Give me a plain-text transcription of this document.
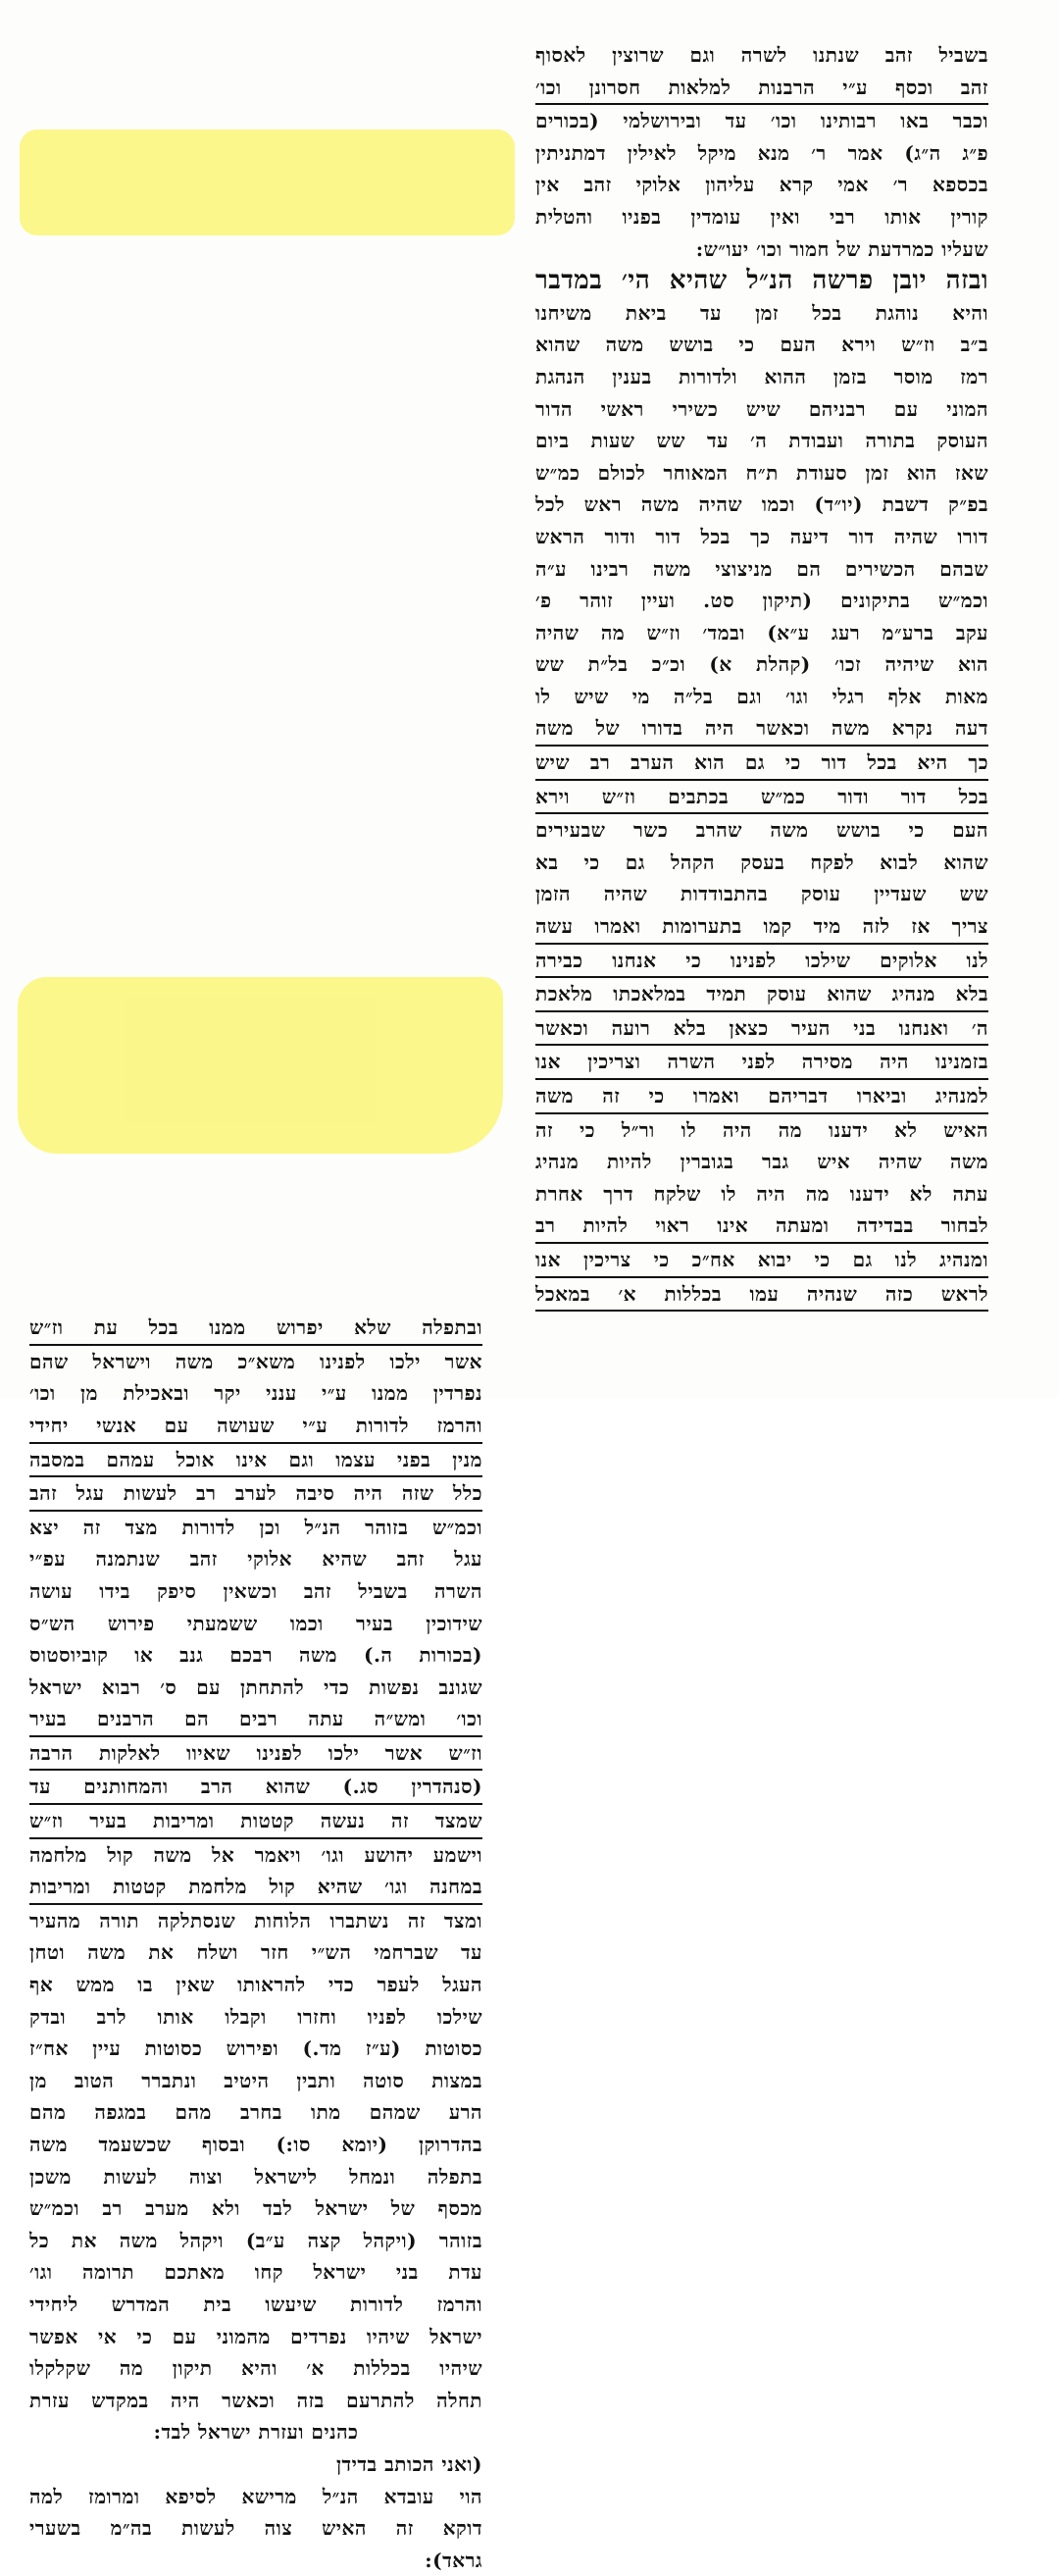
בשביל זהב שנתנו לשרה וגם שרוצין לאסוף
זהב וכסף ע״י הרבנות למלאות חסרונן וכו׳
וכבר באו רבותינו וכו׳ עד ובירושלמי (בכורים
פ״ג ה״ג) אמר ר׳ מנא מיקל לאילין דמתניתין
בכספא ר׳ אמי קרא עליהון אלוקי זהב אין
קורין אותו רבי ואין עומדין בפניו והטלית
שעליו כמרדעת של חמור וכו׳ יעו״ש:
ובזה יובן פרשה הנ״ל שהיא הי׳ במדבר
והיא נוהגת בכל זמן עד ביאת משיחנו
ב״ב וז״ש וירא העם כי בושש משה שהוא
רמז מוסר בזמן ההוא ולדורות בענין הנהגת
המוני עם רבניהם שיש כשירי ראשי הדור
העוסק בתורה ועבודת ה׳ עד שש שעות ביום
שאז הוא זמן סעודת ת״ח המאוחר לכולם כמ״ש
בפ״ק דשבת (יו״ד) וכמו שהיה משה ראש לכל
דורו שהיה דור דיעה כך בכל דור ודור הראש
שבהם הכשירים הם מניצוצי משה רבינו ע״ה
וכמ״ש בתיקונים (תיקון סט. ועיין זוהר פ׳
עקב ברע״מ רעג ע״א) ובמד׳ וז״ש מה שהיה
הוא שיהיה זכו׳ (קהלת א) וכ״כ בל״ת שש
מאות אלף רגלי וגו׳ וגם בל״ה מי שיש לו
דעה נקרא משה וכאשר היה בדורו של משה
כך היא בכל דור כי גם הוא הערב רב שיש
בכל דור ודור כמ״ש בכתבים וז״ש וירא
העם כי בושש משה שהרב כשר שבעירים
שהוא לבוא לפקח בעסק הקהל גם כי בא
שש שעדיין עוסק בהתבודדות שהיה הזמן
צריך אז לזה מיד קמו בתערומות ואמרו עשה
לנו אלוקים שילכו לפנינו כי אנחנו כבירה
בלא מנהיג שהוא עוסק תמיד במלאכתו מלאכת
ה׳ ואנחנו בני העיר כצאן בלא רועה וכאשר
בזמנינו היה מסירה לפני השרה וצריכין אנו
למנהיג וביארו דבריהם ואמרו כי זה משה
האיש לא ידענו מה היה לו ור״ל כי זה
משה שהיה איש גבר בגוברין להיות מנהיג
עתה לא ידענו מה היה לו שלקח דרך אחרת
לבחור בבדידה ומעתה אינו ראוי להיות רב
ומנהיג לנו גם כי יבוא אח״כ כי צריכין אנו
לראש כזה שנהיה עמו בכללות א׳ במאכל
ובתפלה שלא יפרוש ממנו בכל עת וז״ש
אשר ילכו לפנינו משא״כ משה וישראל שהם
נפרדין ממנו ע״י ענני יקר ובאכילת מן וכו׳
והרמז לדורות ע״י שעושה עם אנשי יחידי
מנין בפני עצמו וגם אינו אוכל עמהם במסבה
כלל שזה היה סיבה לערב רב לעשות עגל זהב
וכמ״ש בזוהר הנ״ל וכן לדורות מצד זה יצא
עגל זהב שהיא אלוקי זהב שנתמנה עפ״י
השרה בשביל זהב וכשאין סיפק בידו עושה
שידוכין בעיר וכמו ששמעתי פירוש הש״ס
(בכורות ה.) משה רבכם גנב או קוביוסטוס
שגונב נפשות כדי להתחתן עם ס׳ רבוא ישראל
וכו׳ ומש״ה עתה רבים הם הרבנים בעיר
וז״ש אשר ילכו לפנינו שאיוו לאלקות הרבה
(סנהדרין סג.) שהוא הרב והמחותנים עד
שמצד זה נעשה קטטות ומריבות בעיר וז״ש
וישמע יהושע וגו׳ ויאמר אל משה קול מלחמה
במחנה וגו׳ שהיא קול מלחמת קטטות ומריבות
ומצד זה נשתברו הלוחות שנסתלקה תורה מהעיר
עד שברחמי הש״י חזר ושלח את משה וטחן
העגל לעפר כדי להראותו שאין בו ממש אף
שילכו לפניו וחזרו וקבלו אותו לרב ובדק
כסוטות (ע״ז מד.) ופירוש כסוטות עיין אח״ז
במצות סוטה ותבין היטיב ונתברר הטוב מן
הרע שמהם מתו בחרב מהם במגפה מהם
בהדרוקן (יומא סו:) ובסוף שכשעמד משה
בתפלה ונמחל לישראל וצוה לעשות משכן
מכסף של ישראל לבד ולא מערב רב וכמ״ש
בזוהר (ויקהל קצה ע״ב) ויקהל משה את כל
עדת בני ישראל קחו מאתכם תרומה וגו׳
והרמז לדורות שיעשו בית המדרש ליחידי
ישראל שיהיו נפרדים מהמוני עם כי אי אפשר
שיהיו בכללות א׳ והיא תיקון מה שקלקלו
תחלה להתרעם בזה וכאשר היה במקדש עזרת
כהנים ועזרת ישראל לבד:
(ואני הכותב בדידן
הוי עובדא הנ״ל מרישא לסיפא ומרומז למה
דוקא זה האיש צוה לעשות בה״מ בשערי
גראד):
